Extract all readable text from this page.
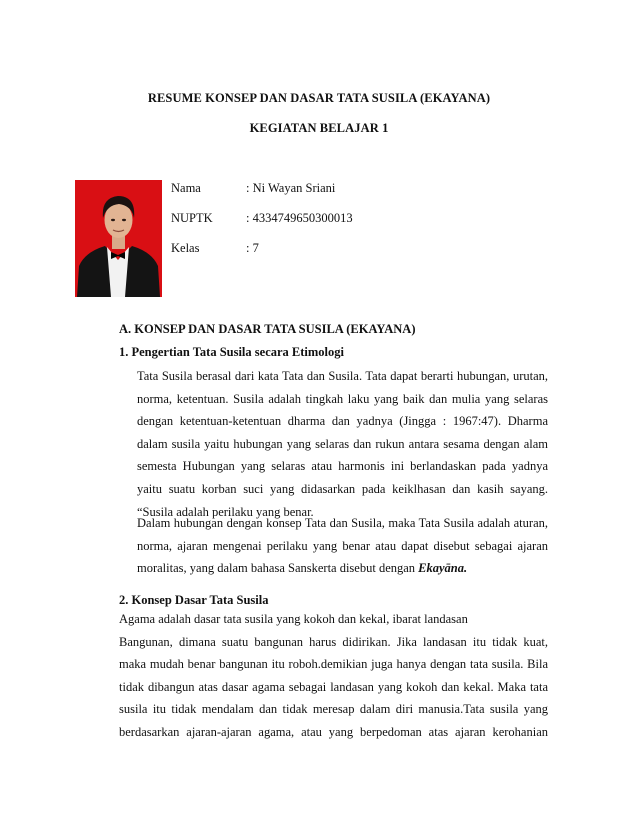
RESUME KONSEP DAN DASAR TATA SUSILA (EKAYANA)
KEGIATAN BELAJAR 1
Nama	: Ni Wayan Sriani
NUPTK	: 4334749650300013
Kelas	: 7
A. KONSEP DAN DASAR TATA SUSILA (EKAYANA)
1. Pengertian Tata Susila secara Etimologi
Tata Susila berasal dari kata Tata dan Susila. Tata dapat berarti hubungan, urutan, norma, ketentuan. Susila adalah tingkah laku yang baik dan mulia yang selaras dengan ketentuan-ketentuan dharma dan yadnya (Jingga : 1967:47). Dharma dalam susila yaitu hubungan yang selaras dan rukun antara sesama dengan alam semesta Hubungan yang selaras atau harmonis ini berlandaskan pada yadnya yaitu suatu korban suci yang didasarkan pada keiklhasan dan kasih sayang. “Susila adalah perilaku yang benar.
Dalam hubungan dengan konsep Tata dan Susila, maka Tata Susila adalah aturan, norma, ajaran mengenai perilaku yang benar atau dapat disebut sebagai ajaran moralitas, yang dalam bahasa Sanskerta disebut dengan Ekayāna.
2. Konsep Dasar Tata Susila
Agama adalah dasar tata susila yang kokoh dan kekal, ibarat landasan
Bangunan, dimana suatu bangunan harus didirikan. Jika landasan itu tidak kuat, maka mudah benar bangunan itu roboh.demikian juga hanya dengan tata susila. Bila tidak dibangun atas dasar agama sebagai landasan yang kokoh dan kekal. Maka tata susila itu tidak mendalam dan tidak meresap dalam diri manusia.Tata susila yang berdasarkan ajaran-ajaran agama, atau yang berpedoman atas ajaran kerohanian
